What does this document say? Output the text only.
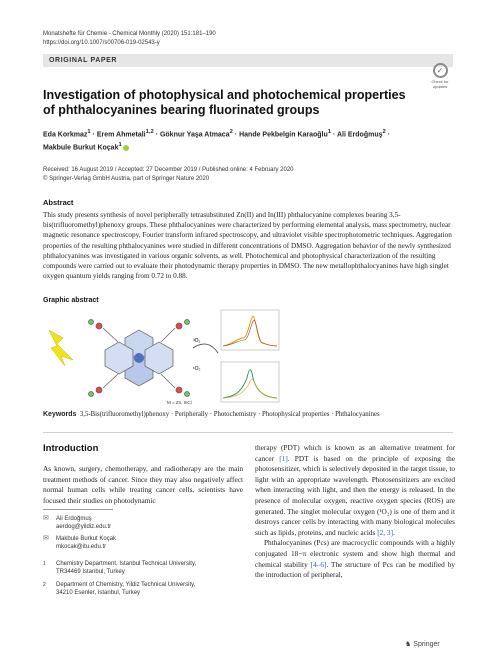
Monatshefte für Chemie - Chemical Monthly (2020) 151:181–190
https://doi.org/10.1007/s00706-019-02543-y
ORIGINAL PAPER
✓
Check for
updates
Investigation of photophysical and photochemical properties
of phthalocyanines bearing fluorinated groups
Eda Korkmaz$^1$ · Erem Ahmetali$^{1,2}$ · Göknur Yaşa Atmaca$^2$ · Hande Pekbelgin Karaoğlu$^1$ · Ali Erdoğmuş$^2$ ·
Makbule Burkut Koçak$^1$
Received: 16 August 2019 / Accepted: 27 December 2019 / Published online: 4 February 2020
© Springer-Verlag GmbH Austria, part of Springer Nature 2020
Abstract
This study presents synthesis of novel peripherally tetrasubstituted Zn(II) and In(III) phthalocyanine complexes bearing 3,5-bis(trifluoromethyl)phenoxy groups. These phthalocyanines were characterized by performing elemental analysis, mass spectrometry, nuclear magnetic resonance spectroscopy, Fourier transform infrared spectroscopy, and ultraviolet visible spectrophotometric techniques. Aggregation properties of the resulting phthalocyanines were studied in different concentrations of DMSO. Aggregation behavior of the newly synthesized phthalocyanines was investigated in various organic solvents, as well. Photochemical and photophysical characterization of the resulting compounds were carried out to evaluate their photodynamic therapy properties in DMSO. The new metallophthalocyanines have high singlet oxygen quantum yields ranging from 0.72 to 0.88.
Graphic abstract
M = Zn, InCl
³O₂
¹O₂
Keywords 3,5-Bis(trifluoromethyl)phenoxy · Peripherally · Photochemistry · Photophysical properties · Phthalocyanines
Introduction
As known, surgery, chemotherapy, and radiotherapy are the main treatment methods of cancer. Since they may also negatively affect normal human cells while treating cancer cells, scientists have focused their studies on photodynamic
therapy (PDT) which is known as an alternative treatment for cancer [1]. PDT is based on the principle of exposing the photosensitizer, which is selectively deposited in the target tissue, to light with an appropriate wavelength. Photosensitizers are excited when interacting with light, and then the energy is released. In the presence of molecular oxygen, reactive oxygen species (ROS) are generated. The singlet molecular oxygen (¹O₂) is one of them and it destroys cancer cells by interacting with many biological molecules such as lipids, proteins, and nucleic acids [2, 3].
Phthalocyanines (Pcs) are macrocyclic compounds with a highly conjugated 18−π electronic system and show high thermal and chemical stability [4–6]. The structure of Pcs can be modified by the introduction of peripheral,
✉	Ali Erdoğmuş
aerdog@yildiz.edu.tr
✉	Makbule Burkut Koçak
mkocak@itu.edu.tr
1	Chemistry Department, Istanbul Technical University,
TR34469 Istanbul, Turkey
2	Department of Chemistry, Yildiz Technical University,
34210 Esenler, Istanbul, Turkey
♞ Springer
